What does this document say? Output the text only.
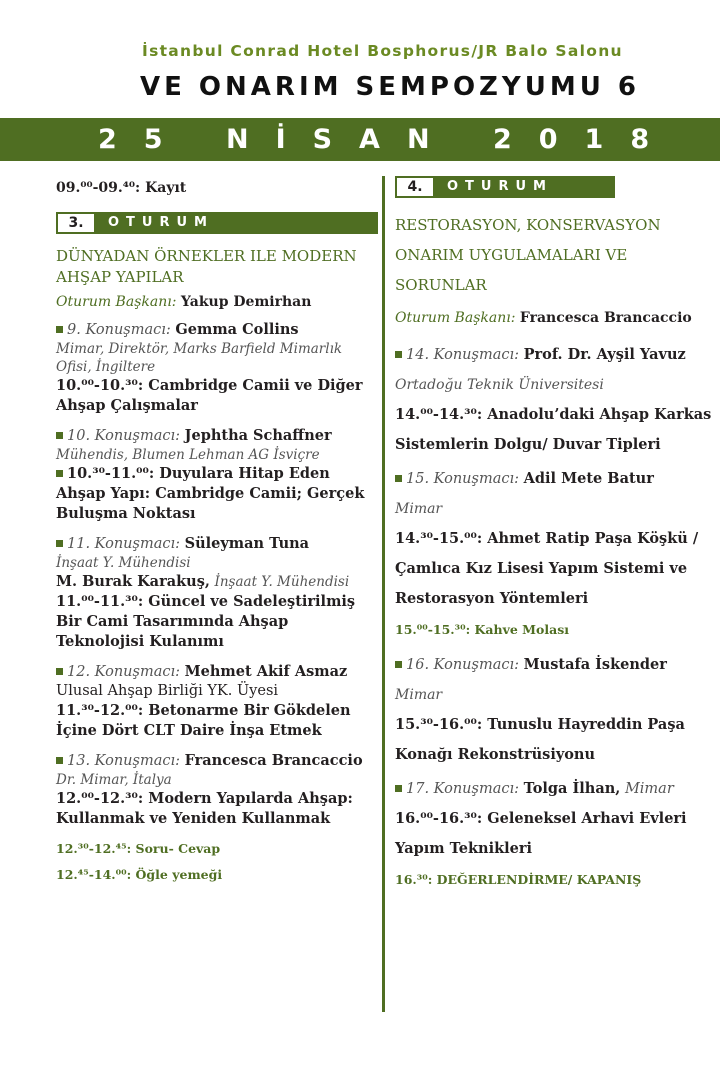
İstanbul Conrad Hotel Bosphorus/JR Balo Salonu
VE ONARIM SEMPOZYUMU 6
25 NİSAN 2018
09.⁰⁰-09.⁴⁰: Kayıt
3.	OTURUM
DÜNYADAN ÖRNEKLER ILE MODERN AHŞAP YAPILAR
Oturum Başkanı: Yakup Demirhan
9. Konuşmacı: Gemma Collins
Mimar, Direktör, Marks Barfield Mimarlık Ofisi, İngiltere
10.⁰⁰-10.³⁰: Cambridge Camii ve Diğer Ahşap Çalışmalar
10. Konuşmacı: Jephtha Schaffner
Mühendis, Blumen Lehman AG İsviçre
10.³⁰-11.⁰⁰: Duyulara Hitap Eden Ahşap Yapı: Cambridge Camii; Gerçek Buluşma Noktası
11. Konuşmacı: Süleyman Tuna
İnşaat Y. Mühendisi
M. Burak Karakuş, İnşaat Y. Mühendisi
11.⁰⁰-11.³⁰: Güncel ve Sadeleştirilmiş Bir Cami Tasarımında Ahşap Teknolojisi Kulanımı
12. Konuşmacı: Mehmet Akif Asmaz
Ulusal Ahşap Birliği YK. Üyesi
11.³⁰-12.⁰⁰: Betonarme Bir Gökdelen İçine Dört CLT Daire İnşa Etmek
13. Konuşmacı: Francesca Brancaccio
Dr. Mimar, İtalya
12.⁰⁰-12.³⁰: Modern Yapılarda Ahşap: Kullanmak ve Yeniden Kullanmak
12.³⁰-12.⁴⁵: Soru- Cevap
12.⁴⁵-14.⁰⁰: Öğle yemeği
4.	OTURUM
RESTORASYON, KONSERVASYON ONARIM UYGULAMALARI VE SORUNLAR
Oturum Başkanı: Francesca Brancaccio
14. Konuşmacı: Prof. Dr. Ayşil Yavuz
Ortadoğu Teknik Üniversitesi
14.⁰⁰-14.³⁰: Anadolu’daki Ahşap Karkas Sistemlerin Dolgu/ Duvar Tipleri
15. Konuşmacı: Adil Mete Batur
Mimar
14.³⁰-15.⁰⁰: Ahmet Ratip Paşa Köşkü / Çamlıca Kız Lisesi Yapım Sistemi ve Restorasyon Yöntemleri
15.⁰⁰-15.³⁰: Kahve Molası
16. Konuşmacı: Mustafa İskender
Mimar
15.³⁰-16.⁰⁰: Tunuslu Hayreddin Paşa Konağı Rekonstrüsiyonu
17. Konuşmacı: Tolga İlhan, Mimar
16.⁰⁰-16.³⁰: Geleneksel Arhavi Evleri Yapım Teknikleri
16.³⁰: DEĞERLENDİRME/ KAPANIŞ
